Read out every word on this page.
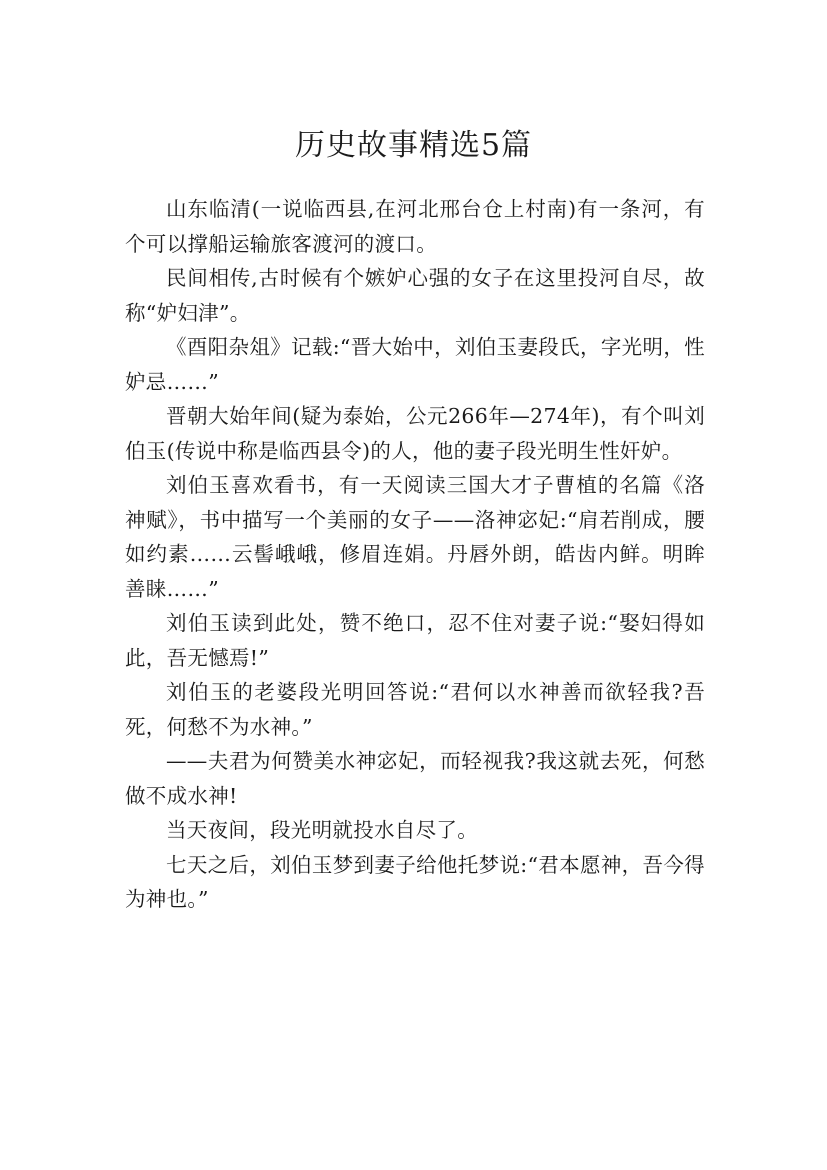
历史故事精选5篇

山东临清(一说临西县,在河北邢台仓上村南)有一条河，有个可以撑船运输旅客渡河的渡口。

民间相传,古时候有个嫉妒心强的女子在这里投河自尽，故称“妒妇津”。

《酉阳杂俎》记载:“晋大始中，刘伯玉妻段氏，字光明，性妒忌……”

晋朝大始年间(疑为泰始，公元266年—274年)，有个叫刘伯玉(传说中称是临西县令)的人，他的妻子段光明生性奸妒。

刘伯玉喜欢看书，有一天阅读三国大才子曹植的名篇《洛神赋》，书中描写一个美丽的女子——洛神宓妃:“肩若削成，腰如约素……云髻峨峨，修眉连娟。丹唇外朗，皓齿内鲜。明眸善睐……”

刘伯玉读到此处，赞不绝口，忍不住对妻子说:“娶妇得如此，吾无憾焉!”

刘伯玉的老婆段光明回答说:“君何以水神善而欲轻我?吾死，何愁不为水神。”

——夫君为何赞美水神宓妃，而轻视我?我这就去死，何愁做不成水神!

当天夜间，段光明就投水自尽了。

七天之后，刘伯玉梦到妻子给他托梦说:“君本愿神，吾今得为神也。”
